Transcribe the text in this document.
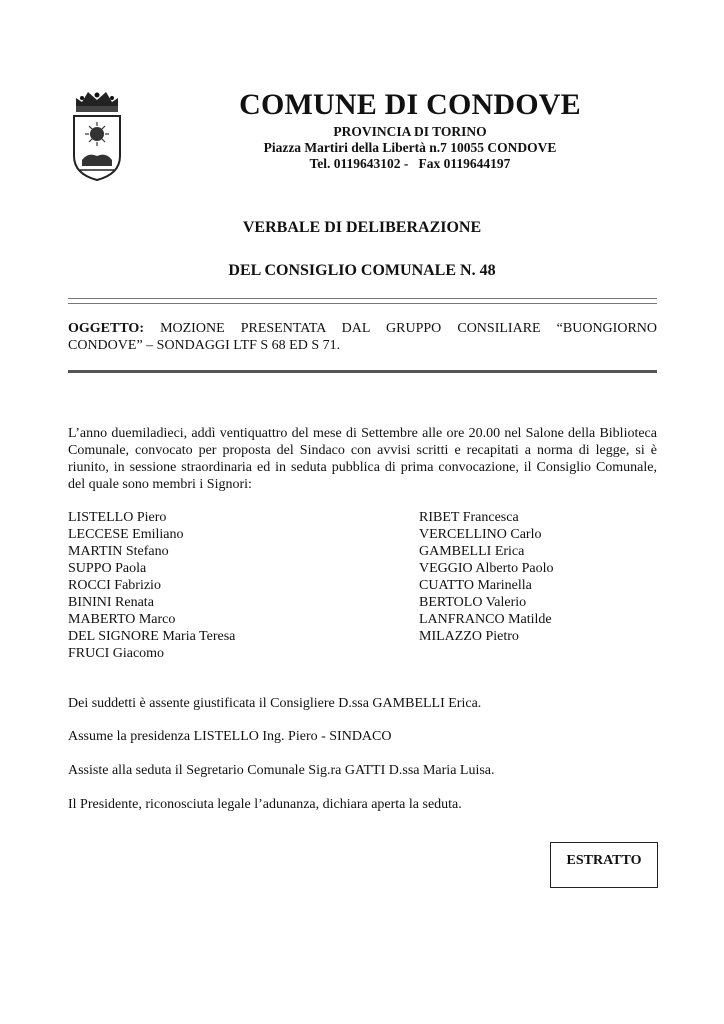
COMUNE DI CONDOVE
PROVINCIA DI TORINO
Piazza Martiri della Libertà n.7 10055 CONDOVE
Tel. 0119643102 -   Fax 0119644197
VERBALE DI DELIBERAZIONE
DEL CONSIGLIO COMUNALE N. 48
OGGETTO: MOZIONE PRESENTATA DAL GRUPPO CONSILIARE “BUONGIORNO CONDOVE” – SONDAGGI LTF S 68 ED S 71.
L’anno duemiladieci, addì ventiquattro del mese di Settembre alle ore 20.00 nel Salone della Biblioteca Comunale, convocato per proposta del Sindaco con avvisi scritti e recapitati a norma di legge, si è riunito, in sessione straordinaria ed in seduta pubblica di prima convocazione, il Consiglio Comunale, del quale sono membri i Signori:
LISTELLO Piero
LECCESE Emiliano
MARTIN Stefano
SUPPO Paola
ROCCI Fabrizio
BININI Renata
MABERTO Marco
DEL SIGNORE Maria Teresa
FRUCI Giacomo
RIBET Francesca
VERCELLINO Carlo
GAMBELLI Erica
VEGGIO Alberto Paolo
CUATTO Marinella
BERTOLO Valerio
LANFRANCO Matilde
MILAZZO Pietro
Dei suddetti è assente giustificata il Consigliere D.ssa GAMBELLI Erica.
Assume la presidenza LISTELLO Ing. Piero - SINDACO
Assiste alla seduta il Segretario Comunale Sig.ra GATTI D.ssa Maria Luisa.
Il Presidente, riconosciuta legale l’adunanza, dichiara aperta la seduta.
ESTRATTO
